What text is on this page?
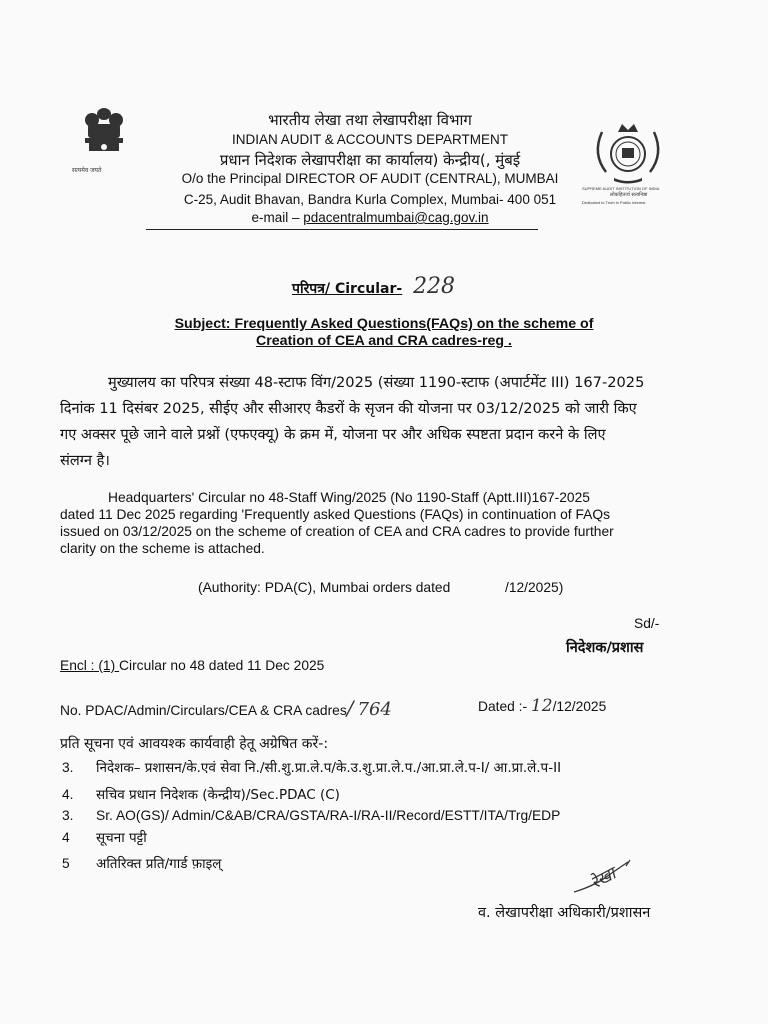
सत्यमेव जयते
SUPREME AUDIT INSTITUTION OF INDIA
लोकहितार्थ सत्यनिष्ठा
Dedicated to Truth in Public Interest
भारतीय लेखा तथा लेखापरीक्षा विभाग
INDIAN AUDIT & ACCOUNTS DEPARTMENT
प्रधान निदेशक लेखापरीक्षा का कार्यालय) केन्द्रीय(, मुंबई
O/o the Principal DIRECTOR OF AUDIT (CENTRAL), MUMBAI
C-25, Audit Bhavan, Bandra Kurla Complex, Mumbai- 400 051
e-mail – pdacentralmumbai@cag.gov.in
परिपत्र/ Circular- 228
Subject: Frequently Asked Questions(FAQs) on the scheme of
Creation of CEA and CRA cadres-reg .
मुख्यालय का परिपत्र संख्या 48-स्टाफ विंग/2025 (संख्या 1190-स्टाफ (अपार्टमेंट III) 167-2025
दिनांक 11 दिसंबर 2025, सीईए और सीआरए कैडरों के सृजन की योजना पर 03/12/2025 को जारी किए
गए अक्सर पूछे जाने वाले प्रश्नों (एफएक्यू) के क्रम में, योजना पर और अधिक स्पष्टता प्रदान करने के लिए
संलग्न है।
Headquarters' Circular no 48-Staff Wing/2025 (No 1190-Staff (Aptt.III)167-2025
dated 11 Dec 2025 regarding 'Frequently asked Questions (FAQs) in continuation of FAQs
issued on 03/12/2025 on the scheme of creation of CEA and CRA cadres to provide further
clarity on the scheme is attached.
(Authority: PDA(C), Mumbai orders dated	/12/2025)
Sd/-
निदेशक/प्रशास
Encl : (1) Circular no 48 dated 11 Dec 2025
No. PDAC/Admin/Circulars/CEA & CRA cadres/ 764	Dated :- 12/12/2025
प्रति सूचना एवं आवयश्क कार्यवाही हेतू अग्रेषित करें-:
3. निदेशक– प्रशासन/के.एवं सेवा नि./सी.शु.प्रा.ले.प/के.उ.शु.प्रा.ले.प./आ.प्रा.ले.प-I/ आ.प्रा.ले.प-II
4. सचिव प्रधान निदेशक (केन्द्रीय)/Sec.PDAC (C)
3. Sr. AO(GS)/ Admin/C&AB/CRA/GSTA/RA-I/RA-II/Record/ESTT/ITA/Trg/EDP
4 सूचना पट्टी
5 अतिरिक्त प्रति/गार्ड फ़ाइल्
रेखा
व. लेखापरीक्षा अधिकारी/प्रशासन
